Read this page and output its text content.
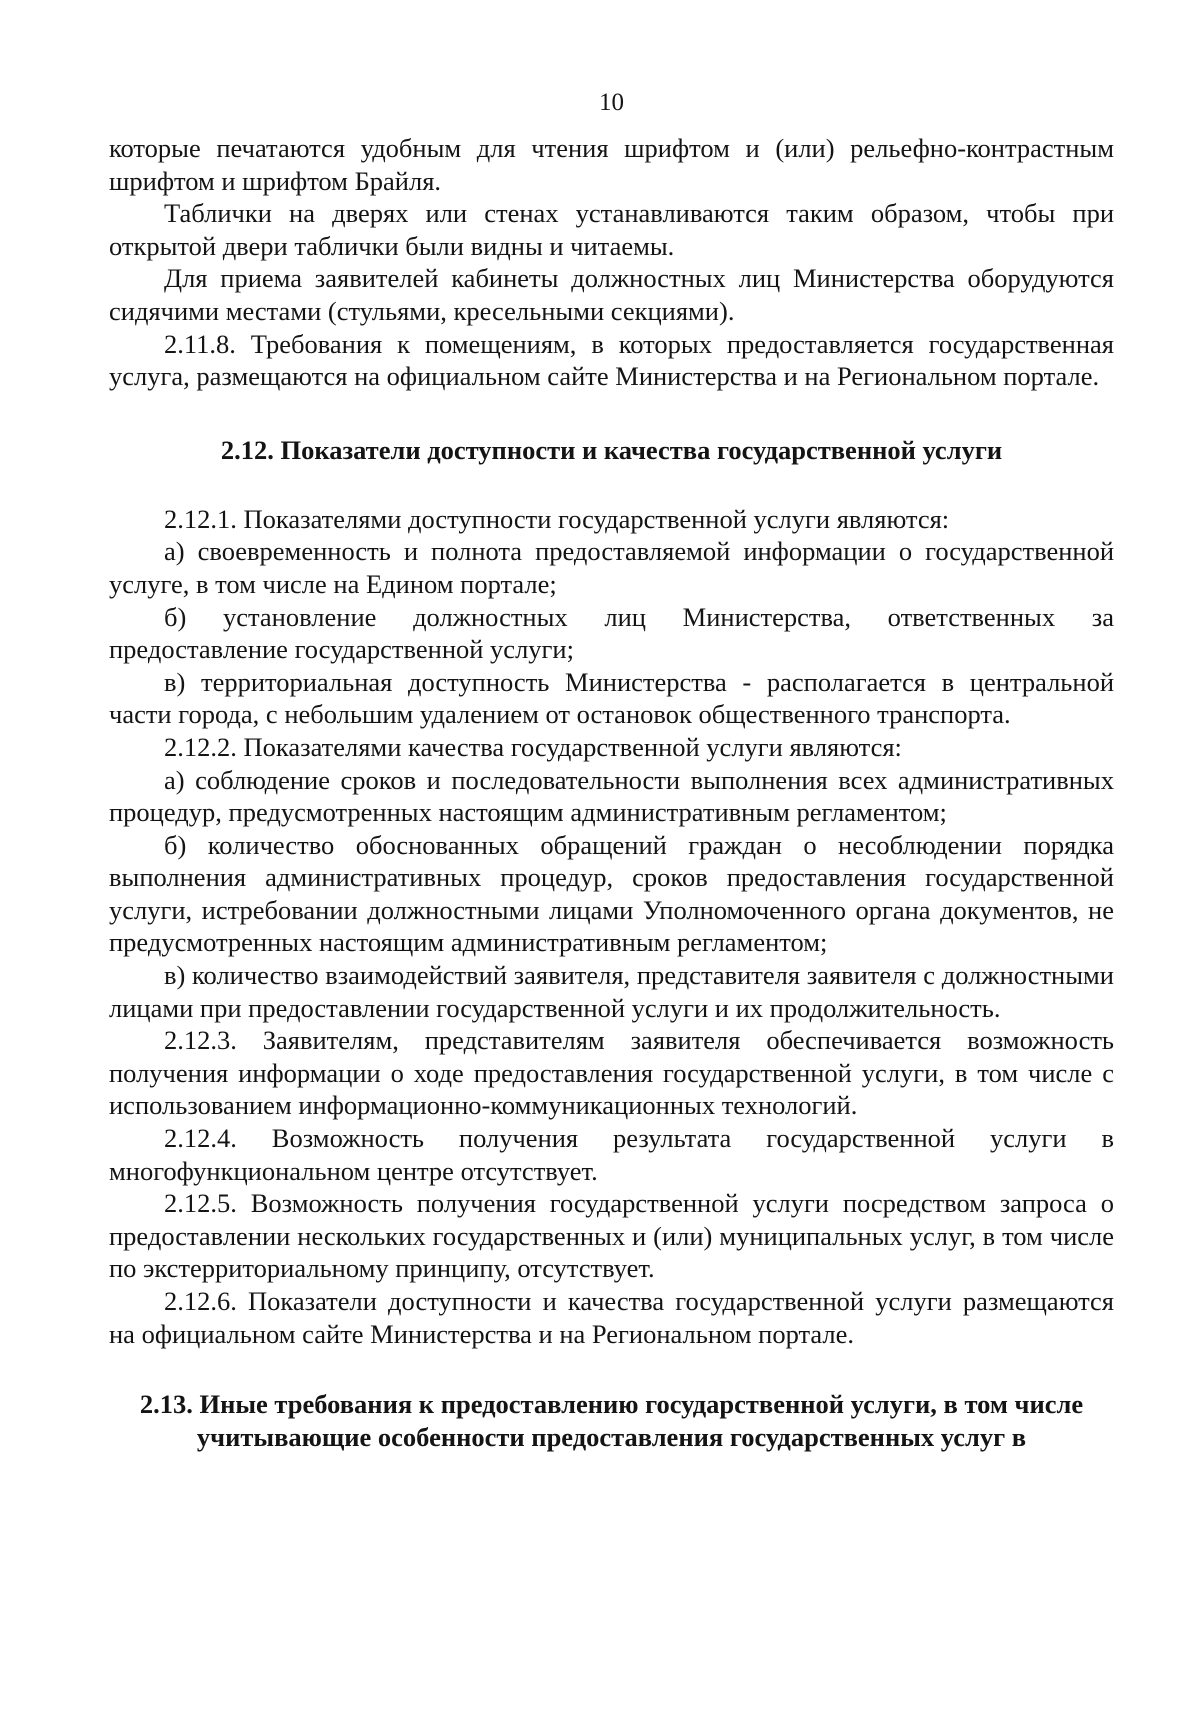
10

которые печатаются удобным для чтения шрифтом и (или) рельефно-контрастным шрифтом и шрифтом Брайля.

Таблички на дверях или стенах устанавливаются таким образом, чтобы при открытой двери таблички были видны и читаемы.

Для приема заявителей кабинеты должностных лиц Министерства оборудуются сидячими местами (стульями, кресельными секциями).

2.11.8. Требования к помещениям, в которых предоставляется государственная услуга, размещаются на официальном сайте Министерства и на Региональном портале.

2.12. Показатели доступности и качества государственной услуги

2.12.1. Показателями доступности государственной услуги являются:

а) своевременность и полнота предоставляемой информации о государственной услуге, в том числе на Едином портале;

б) установление должностных лиц Министерства, ответственных за предоставление государственной услуги;

в) территориальная доступность Министерства - располагается в центральной части города, с небольшим удалением от остановок общественного транспорта.

2.12.2. Показателями качества государственной услуги являются:

а) соблюдение сроков и последовательности выполнения всех административных процедур, предусмотренных настоящим административным регламентом;

б) количество обоснованных обращений граждан о несоблюдении порядка выполнения административных процедур, сроков предоставления государственной услуги, истребовании должностными лицами Уполномоченного органа документов, не предусмотренных настоящим административным регламентом;

в) количество взаимодействий заявителя, представителя заявителя с должностными лицами при предоставлении государственной услуги и их продолжительность.

2.12.3. Заявителям, представителям заявителя обеспечивается возможность получения информации о ходе предоставления государственной услуги, в том числе с использованием информационно-коммуникационных технологий.

2.12.4. Возможность получения результата государственной услуги в многофункциональном центре отсутствует.

2.12.5. Возможность получения государственной услуги посредством запроса о предоставлении нескольких государственных и (или) муниципальных услуг, в том числе по экстерриториальному принципу, отсутствует.

2.12.6. Показатели доступности и качества государственной услуги размещаются на официальном сайте Министерства и на Региональном портале.

2.13. Иные требования к предоставлению государственной услуги, в том числе учитывающие особенности предоставления государственных услуг в
